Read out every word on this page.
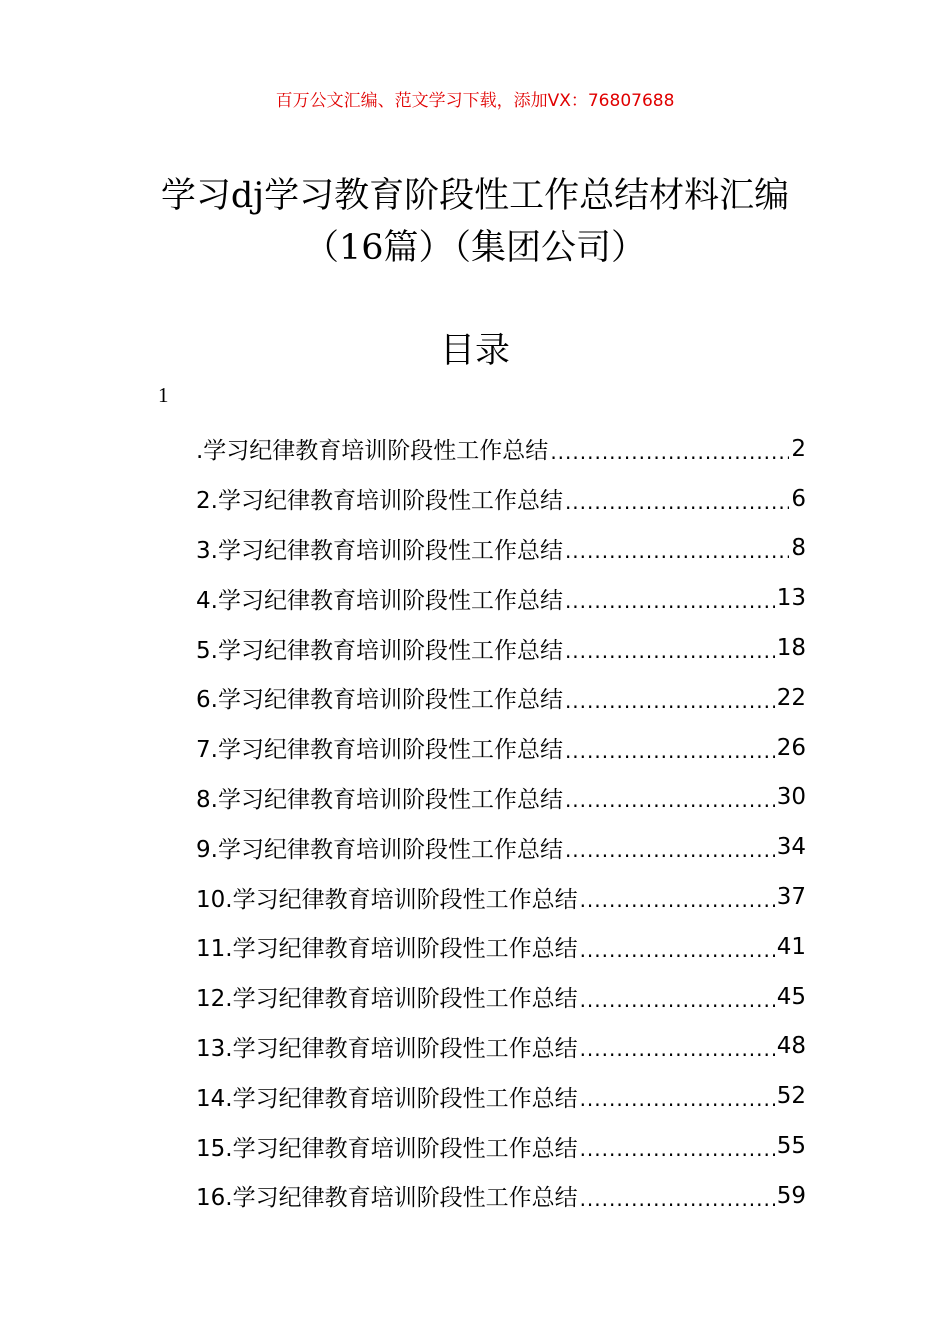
百万公文汇编、范文学习下载，添加VX：76807688
学习dj学习教育阶段性工作总结材料汇编
（16篇）（集团公司）
目录
1
.学习纪律教育培训阶段性工作总结 .....	2
2.学习纪律教育培训阶段性工作总结 .....	6
3.学习纪律教育培训阶段性工作总结 .....	8
4.学习纪律教育培训阶段性工作总结 .....	13
5.学习纪律教育培训阶段性工作总结 .....	18
6.学习纪律教育培训阶段性工作总结 .....	22
7.学习纪律教育培训阶段性工作总结 .....	26
8.学习纪律教育培训阶段性工作总结 .....	30
9.学习纪律教育培训阶段性工作总结 .....	34
10.学习纪律教育培训阶段性工作总结 .....	37
11.学习纪律教育培训阶段性工作总结 .....	41
12.学习纪律教育培训阶段性工作总结 .....	45
13.学习纪律教育培训阶段性工作总结 .....	48
14.学习纪律教育培训阶段性工作总结 .....	52
15.学习纪律教育培训阶段性工作总结 .....	55
16.学习纪律教育培训阶段性工作总结 .....	59
